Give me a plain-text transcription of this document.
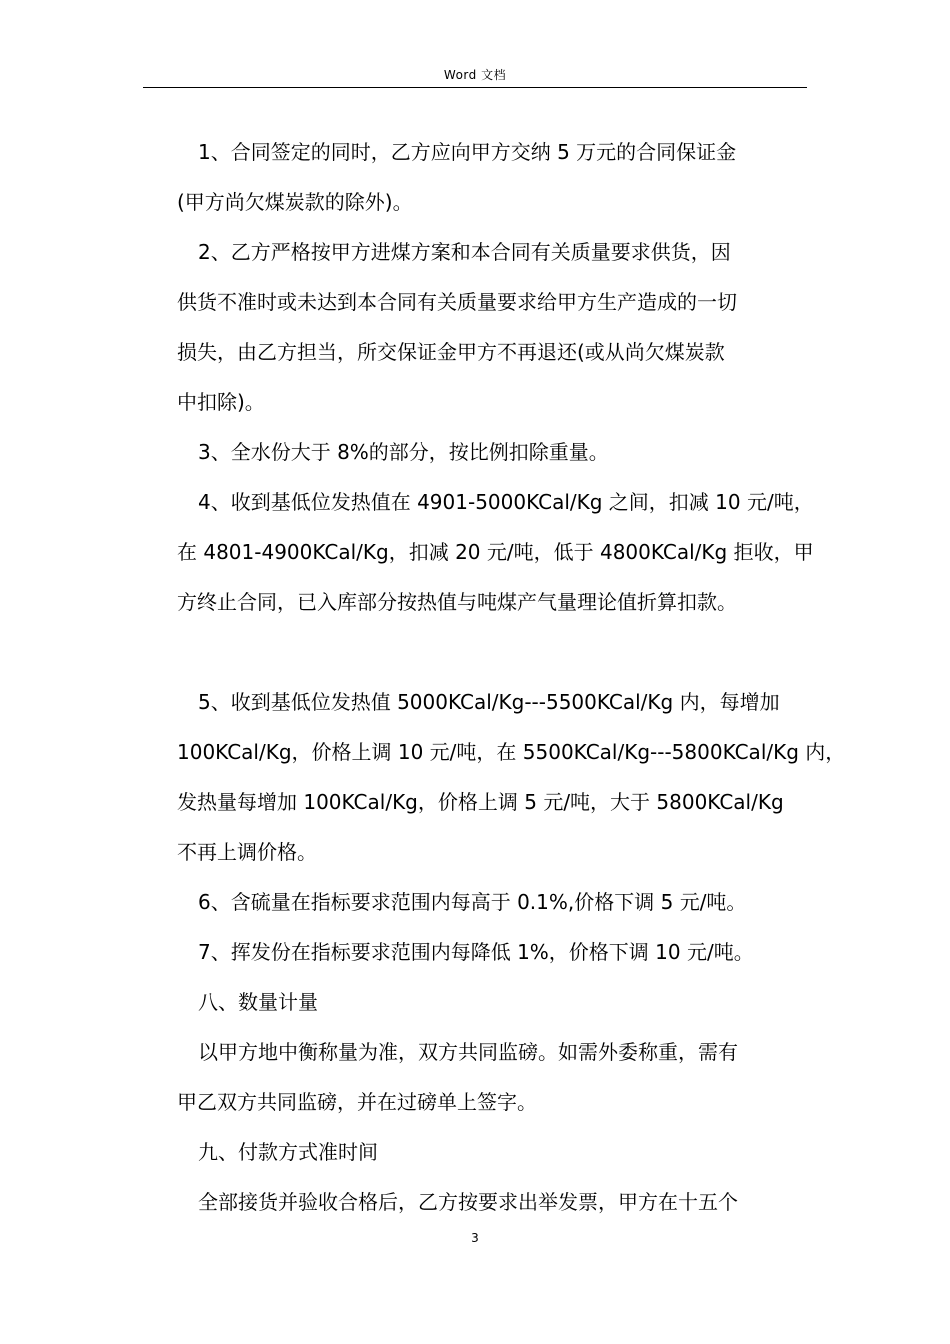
Word 文档

1、合同签定的同时，乙方应向甲方交纳 5 万元的合同保证金

(甲方尚欠煤炭款的除外)。

2、乙方严格按甲方进煤方案和本合同有关质量要求供货，因

供货不准时或未达到本合同有关质量要求给甲方生产造成的一切

损失，由乙方担当，所交保证金甲方不再退还(或从尚欠煤炭款

中扣除)。

3、全水份大于 8%的部分，按比例扣除重量。

4、收到基低位发热值在 4901-5000KCal/Kg 之间，扣减 10 元/吨，

在 4801-4900KCal/Kg，扣减 20 元/吨，低于 4800KCal/Kg 拒收，甲

方终止合同，已入库部分按热值与吨煤产气量理论值折算扣款。

5、收到基低位发热值 5000KCal/Kg---5500KCal/Kg 内，每增加

100KCal/Kg，价格上调 10 元/吨，在 5500KCal/Kg---5800KCal/Kg 内，

发热量每增加 100KCal/Kg，价格上调 5 元/吨，大于 5800KCal/Kg

不再上调价格。

6、含硫量在指标要求范围内每高于 0.1%,价格下调 5 元/吨。

7、挥发份在指标要求范围内每降低 1%，价格下调 10 元/吨。

八、数量计量

以甲方地中衡称量为准，双方共同监磅。如需外委称重，需有

甲乙双方共同监磅，并在过磅单上签字。

九、付款方式准时间

全部接货并验收合格后，乙方按要求出举发票，甲方在十五个

3
